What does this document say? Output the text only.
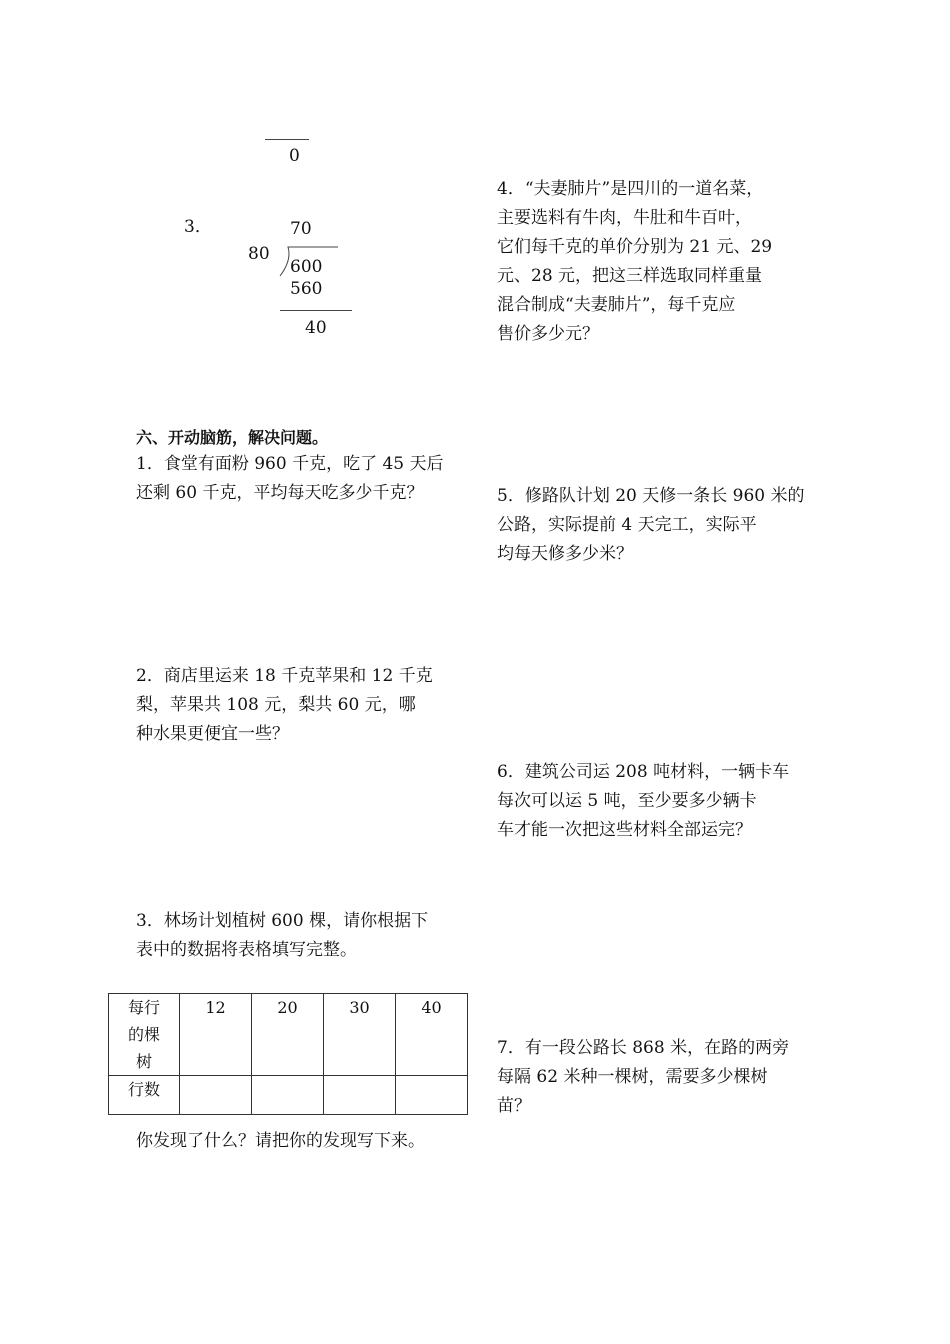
0
3．	70
80
600
560
40
4．“夫妻肺片”是四川的一道名菜，
主要选料有牛肉，牛肚和牛百叶，
它们每千克的单价分别为 21 元、29
元、28 元，把这三样选取同样重量
混合制成“夫妻肺片”，每千克应
售价多少元？
六、开动脑筋，解决问题。
1．食堂有面粉 960 千克，吃了 45 天后
还剩 60 千克，平均每天吃多少千克？	5．修路队计划 20 天修一条长 960 米的
公路，实际提前 4 天完工，实际平
均每天修多少米？
2．商店里运来 18 千克苹果和 12 千克
梨，苹果共 108 元，梨共 60 元，哪
种水果更便宜一些？
6．建筑公司运 208 吨材料，一辆卡车
每次可以运 5 吨，至少要多少辆卡
车才能一次把这些材料全部运完？
3．林场计划植树 600 棵，请你根据下
表中的数据将表格填写完整。
每行
的棵
树	12	20	30	40
行数				
7．有一段公路长 868 米，在路的两旁
每隔 62 米种一棵树，需要多少棵树
苗？
你发现了什么？请把你的发现写下来。
